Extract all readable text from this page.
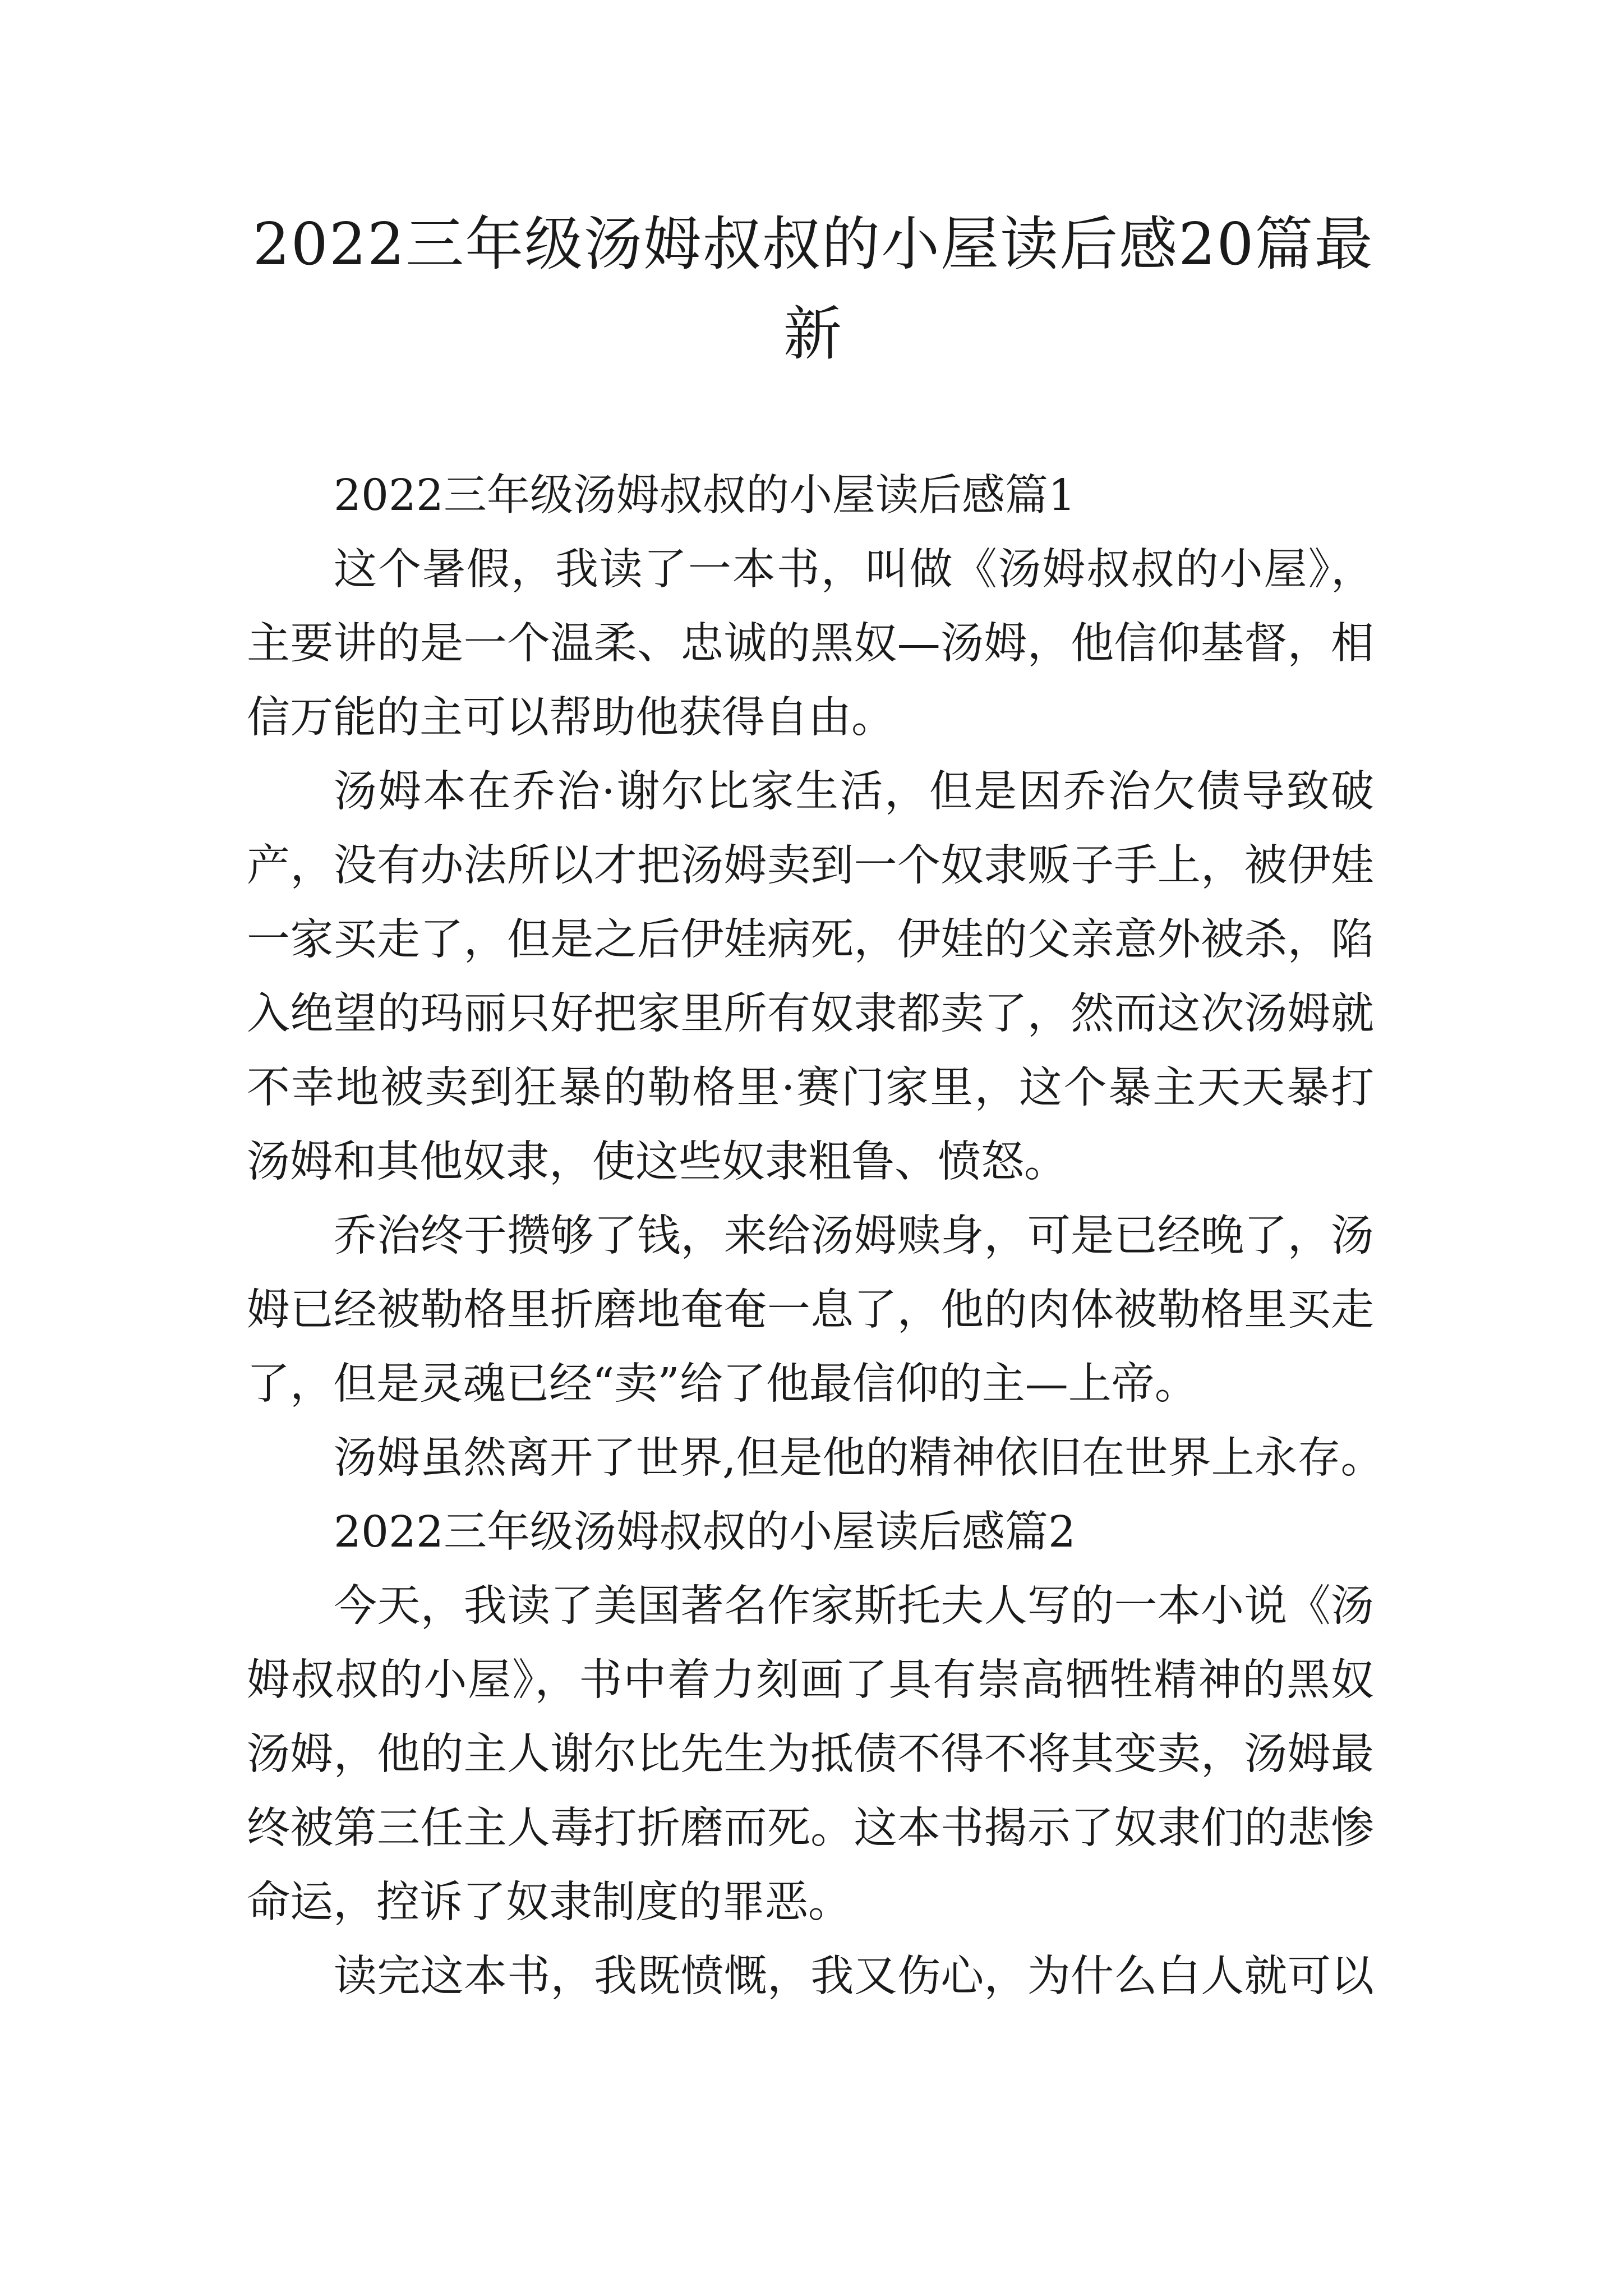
2022三年级汤姆叔叔的小屋读后感20篇最新
2022三年级汤姆叔叔的小屋读后感篇1
这个暑假，我读了一本书，叫做《汤姆叔叔的小屋》，
主要讲的是一个温柔、忠诚的黑奴—汤姆，他信仰基督，相
信万能的主可以帮助他获得自由。
汤姆本在乔治·谢尔比家生活，但是因乔治欠债导致破
产，没有办法所以才把汤姆卖到一个奴隶贩子手上，被伊娃
一家买走了，但是之后伊娃病死，伊娃的父亲意外被杀，陷
入绝望的玛丽只好把家里所有奴隶都卖了，然而这次汤姆就
不幸地被卖到狂暴的勒格里·赛门家里，这个暴主天天暴打
汤姆和其他奴隶，使这些奴隶粗鲁、愤怒。
乔治终于攒够了钱，来给汤姆赎身，可是已经晚了，汤
姆已经被勒格里折磨地奄奄一息了，他的肉体被勒格里买走
了，但是灵魂已经“卖”给了他最信仰的主—上帝。
汤姆虽然离开了世界,但是他的精神依旧在世界上永存。
2022三年级汤姆叔叔的小屋读后感篇2
今天，我读了美国著名作家斯托夫人写的一本小说《汤
姆叔叔的小屋》，书中着力刻画了具有崇高牺牲精神的黑奴
汤姆，他的主人谢尔比先生为抵债不得不将其变卖，汤姆最
终被第三任主人毒打折磨而死。这本书揭示了奴隶们的悲惨
命运，控诉了奴隶制度的罪恶。
读完这本书，我既愤慨，我又伤心，为什么白人就可以
